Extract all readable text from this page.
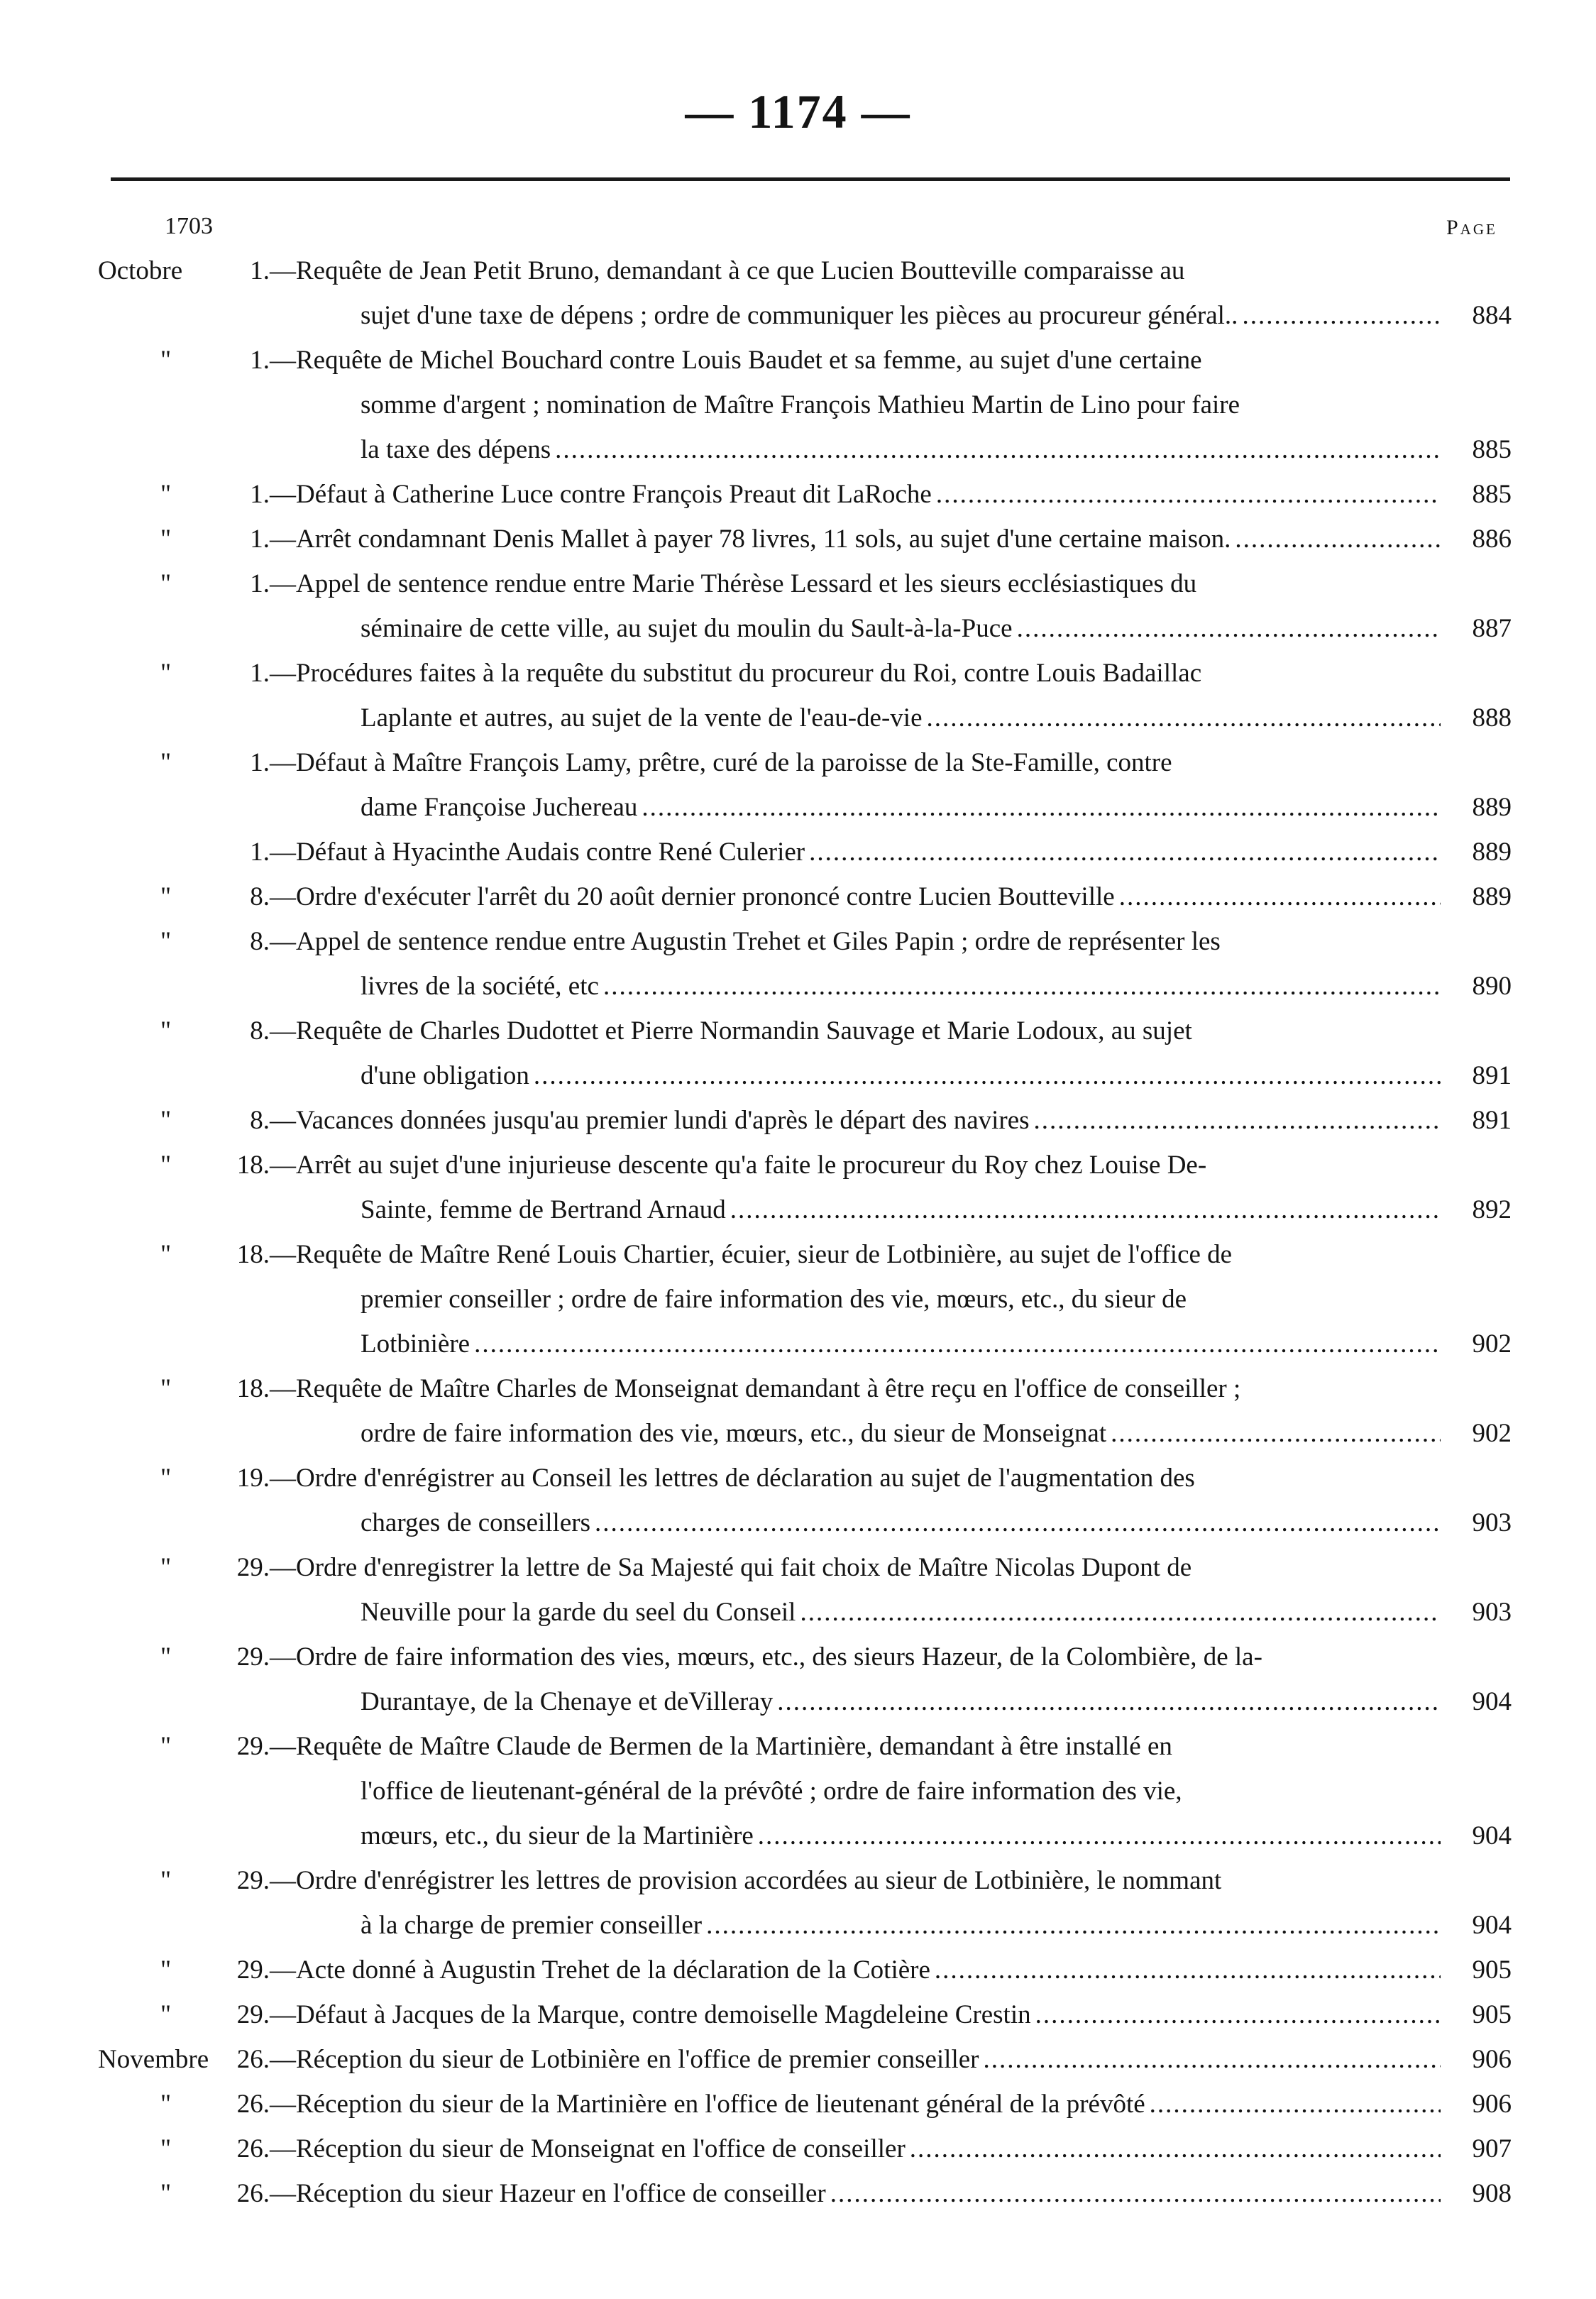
— 1174 —
1703	Page
Octobre	1. —Requête de Jean Petit Bruno, demandant à ce que Lucien Boutteville comparaisse au
sujet d'une taxe de dépens ; ordre de communiquer les pièces au procureur général.. .....	884
"	1. —Requête de Michel Bouchard contre Louis Baudet et sa femme, au sujet d'une certaine
somme d'argent ; nomination de Maître François Mathieu Martin de Lino pour faire
la taxe des dépens .....	885
"	1. —Défaut à Catherine Luce contre François Preaut dit LaRoche .....	885
"	1. —Arrêt condamnant Denis Mallet à payer 78 livres, 11 sols, au sujet d'une certaine maison. .....	886
"	1. —Appel de sentence rendue entre Marie Thérèse Lessard et les sieurs ecclésiastiques du
séminaire de cette ville, au sujet du moulin du Sault-à-la-Puce .....	887
"	1. —Procédures faites à la requête du substitut du procureur du Roi, contre Louis Badaillac
Laplante et autres, au sujet de la vente de l'eau-de-vie .....	888
"	1. —Défaut à Maître François Lamy, prêtre, curé de la paroisse de la Ste-Famille, contre
dame Françoise Juchereau .....	889
1. —Défaut à Hyacinthe Audais contre René Culerier .....	889
"	8. —Ordre d'exécuter l'arrêt du 20 août dernier prononcé contre Lucien Boutteville .....	889
"	8. —Appel de sentence rendue entre Augustin Trehet et Giles Papin ; ordre de représenter les
livres de la société, etc .....	890
"	8. —Requête de Charles Dudottet et Pierre Normandin Sauvage et Marie Lodoux, au sujet
d'une obligation .....	891
"	8. —Vacances données jusqu'au premier lundi d'après le départ des navires .....	891
"	18. —Arrêt au sujet d'une injurieuse descente qu'a faite le procureur du Roy chez Louise De-
Sainte, femme de Bertrand Arnaud .....	892
"	18. —Requête de Maître René Louis Chartier, écuier, sieur de Lotbinière, au sujet de l'office de
premier conseiller ; ordre de faire information des vie, mœurs, etc., du sieur de
Lotbinière .....	902
"	18. —Requête de Maître Charles de Monseignat demandant à être reçu en l'office de conseiller ;
ordre de faire information des vie, mœurs, etc., du sieur de Monseignat .....	902
"	19. —Ordre d'enrégistrer au Conseil les lettres de déclaration au sujet de l'augmentation des
charges de conseillers .....	903
"	29. —Ordre d'enregistrer la lettre de Sa Majesté qui fait choix de Maître Nicolas Dupont de
Neuville pour la garde du seel du Conseil .....	903
"	29. —Ordre de faire information des vies, mœurs, etc., des sieurs Hazeur, de la Colombière, de la-
Durantaye, de la Chenaye et deVilleray .....	904
"	29. —Requête de Maître Claude de Bermen de la Martinière, demandant à être installé en
l'office de lieutenant-général de la prévôté ; ordre de faire information des vie,
mœurs, etc., du sieur de la Martinière .....	904
"	29. —Ordre d'enrégistrer les lettres de provision accordées au sieur de Lotbinière, le nommant
à la charge de premier conseiller .....	904
"	29. —Acte donné à Augustin Trehet de la déclaration de la Cotière .....	905
"	29. —Défaut à Jacques de la Marque, contre demoiselle Magdeleine Crestin .....	905
Novembre 26. —Réception du sieur de Lotbinière en l'office de premier conseiller .....	906
"	26. —Réception du sieur de la Martinière en l'office de lieutenant général de la prévôté .....	906
"	26. —Réception du sieur de Monseignat en l'office de conseiller .....	907
"	26. —Réception du sieur Hazeur en l'office de conseiller .....	908
